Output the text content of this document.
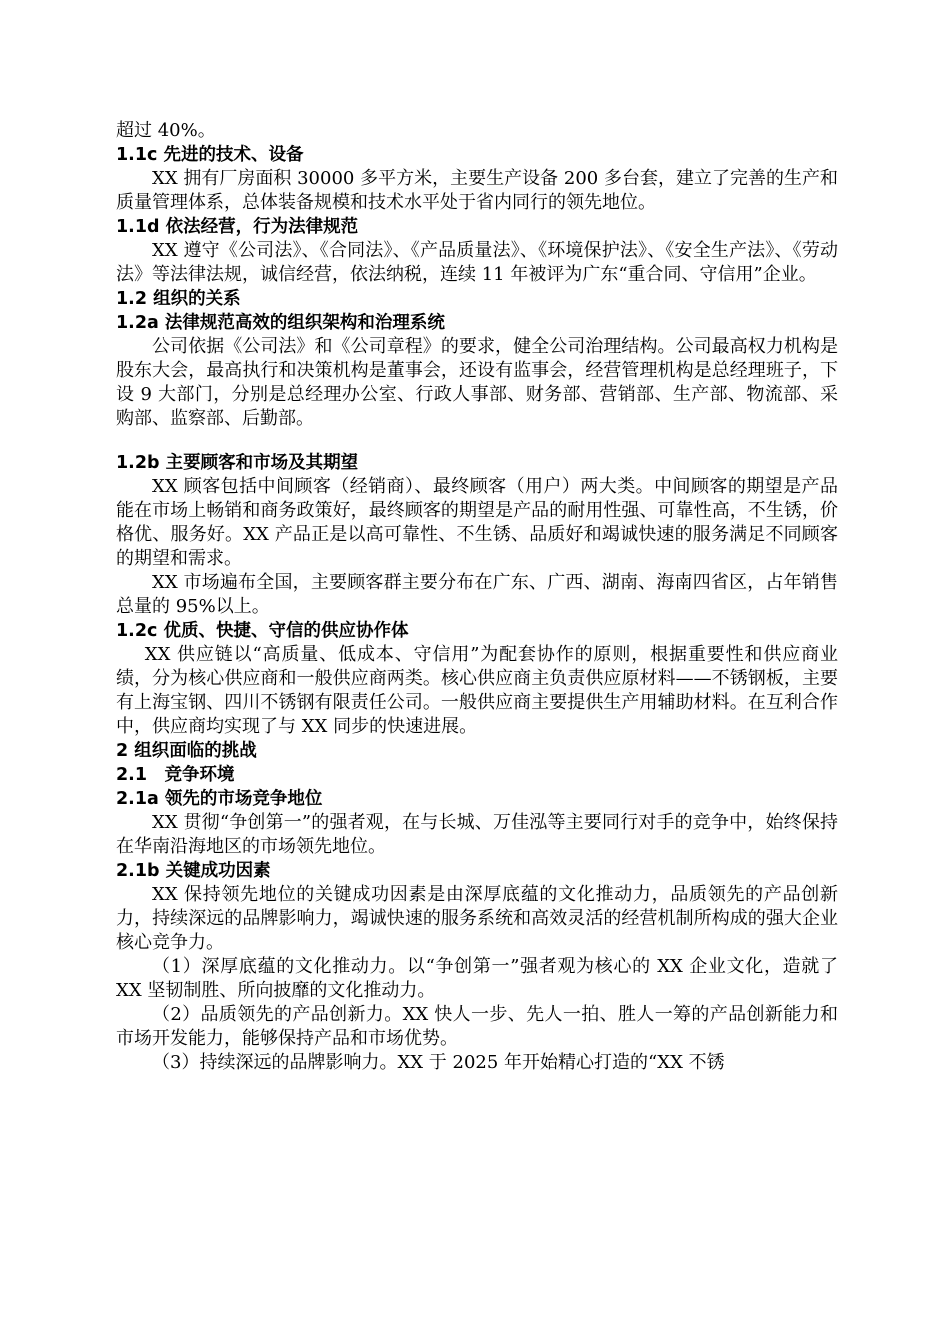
超过 40%。

1.1c 先进的技术、设备

XX 拥有厂房面积 30000 多平方米，主要生产设备 200 多台套，建立了完善的生产和质量管理体系，总体装备规模和技术水平处于省内同行的领先地位。

1.1d 依法经营，行为法律规范

XX 遵守《公司法》、《合同法》、《产品质量法》、《环境保护法》、《安全生产法》、《劳动法》等法律法规，诚信经营，依法纳税，连续 11 年被评为广东“重合同、守信用”企业。

1.2 组织的关系

1.2a 法律规范高效的组织架构和治理系统

公司依据《公司法》和《公司章程》的要求，健全公司治理结构。公司最高权力机构是股东大会，最高执行和决策机构是董事会，还设有监事会，经营管理机构是总经理班子，下设 9 大部门，分别是总经理办公室、行政人事部、财务部、营销部、生产部、物流部、采购部、监察部、后勤部。

1.2b 主要顾客和市场及其期望

XX 顾客包括中间顾客（经销商）、最终顾客（用户）两大类。中间顾客的期望是产品能在市场上畅销和商务政策好，最终顾客的期望是产品的耐用性强、可靠性高，不生锈，价格优、服务好。XX 产品正是以高可靠性、不生锈、品质好和竭诚快速的服务满足不同顾客的期望和需求。

XX 市场遍布全国，主要顾客群主要分布在广东、广西、湖南、海南四省区，占年销售总量的 95%以上。

1.2c 优质、快捷、守信的供应协作体

XX 供应链以“高质量、低成本、守信用”为配套协作的原则，根据重要性和供应商业绩，分为核心供应商和一般供应商两类。核心供应商主负责供应原材料——不锈钢板，主要有上海宝钢、四川不锈钢有限责任公司。一般供应商主要提供生产用辅助材料。在互利合作中，供应商均实现了与 XX 同步的快速进展。

2 组织面临的挑战

2.1　竞争环境

2.1a 领先的市场竞争地位

XX 贯彻“争创第一”的强者观，在与长城、万佳泓等主要同行对手的竞争中，始终保持在华南沿海地区的市场领先地位。

2.1b 关键成功因素

XX 保持领先地位的关键成功因素是由深厚底蕴的文化推动力，品质领先的产品创新力，持续深远的品牌影响力，竭诚快速的服务系统和高效灵活的经营机制所构成的强大企业核心竞争力。

（1）深厚底蕴的文化推动力。以“争创第一”强者观为核心的 XX 企业文化，造就了 XX 坚韧制胜、所向披靡的文化推动力。

（2）品质领先的产品创新力。XX 快人一步、先人一拍、胜人一筹的产品创新能力和市场开发能力，能够保持产品和市场优势。

（3）持续深远的品牌影响力。XX 于 2025 年开始精心打造的“XX 不锈
